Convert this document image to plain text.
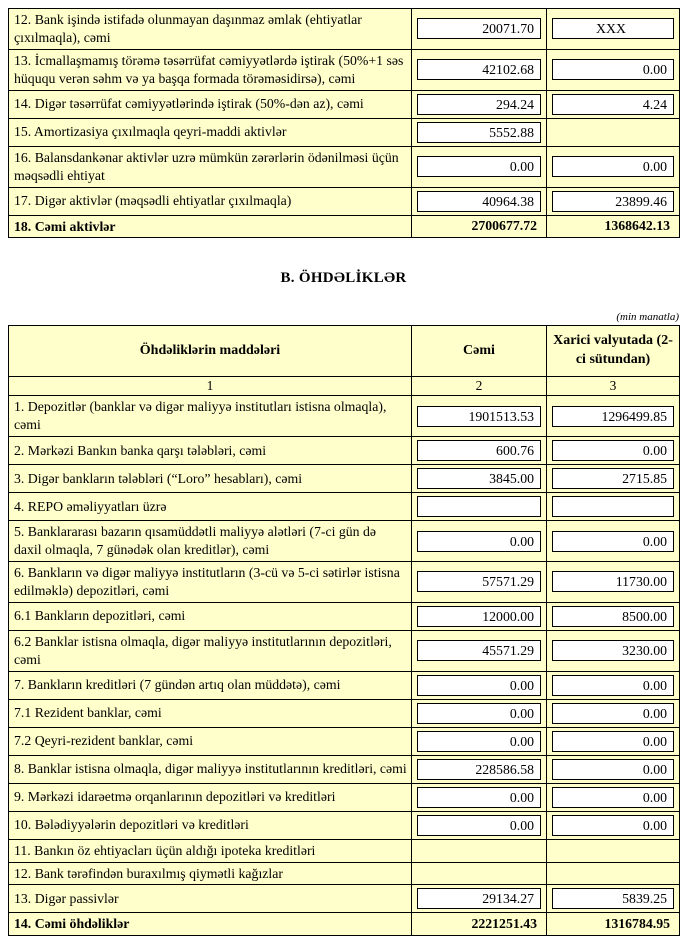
12. Bank işində istifadə olunmayan daşınmaz əmlak (ehtiyatlar çıxılmaqla), cəmi	20071.70	XXX

13. İcmallaşmamış törəmə təsərrüfat cəmiyyətlərdə iştirak (50%+1 səs hüququ verən səhm və ya başqa formada törəməsidirsə), cəmi	42102.68	0.00

14. Digər təsərrüfat cəmiyyətlərində iştirak (50%-dən az), cəmi	294.24	4.24

15. Amortizasiya çıxılmaqla qeyri-maddi aktivlər	5552.88	

16. Balansdankənar aktivlər uzrə mümkün zərərlərin ödənilməsi üçün məqsədli ehtiyat	0.00	0.00

17. Digər aktivlər (məqsədli ehtiyatlar çıxılmaqla)	40964.38	23899.46

18. Cəmi aktivlər	2700677.72	1368642.13
B. ÖHDƏLİKLƏR
(min manatla)
Öhdəliklərin maddələri	Cəmi	Xarici valyutada (2-ci sütundan)
1	2	3
1. Depozitlər (banklar və digər maliyyə institutları istisna olmaqla), cəmi	1901513.53	1296499.85

2. Mərkəzi Bankın banka qarşı tələbləri, cəmi	600.76	0.00

3. Digər bankların tələbləri (“Loro” hesabları), cəmi	3845.00	2715.85

4. REPO əməliyyatları üzrə	

5. Banklararası bazarın qısamüddətli maliyyə alətləri (7-ci gün də daxil olmaqla, 7 günədək olan kreditlər), cəmi	0.00	0.00

6. Bankların və digər maliyyə institutların (3-cü və 5-ci sətirlər istisna edilməklə) depozitləri, cəmi	57571.29	11730.00

6.1 Bankların depozitləri, cəmi	12000.00	8500.00

6.2 Banklar istisna olmaqla, digər maliyyə institutlarının depozitləri, cəmi	45571.29	3230.00

7. Bankların kreditləri (7 gündən artıq olan müddətə), cəmi	0.00	0.00

7.1 Rezident banklar, cəmi	0.00	0.00

7.2 Qeyri-rezident banklar, cəmi	0.00	0.00

8. Banklar istisna olmaqla, digər maliyyə institutlarının kreditləri, cəmi	228586.58	0.00

9. Mərkəzi idarəetmə orqanlarının depozitləri və kreditləri	0.00	0.00

10. Bələdiyyələrin depozitləri və kreditləri	0.00	0.00

11. Bankın öz ehtiyacları üçün aldığı ipoteka kreditləri		
12. Bank tərəfindən buraxılmış qiymətli kağızlar		
13. Digər passivlər	29134.27	5839.25

14. Cəmi öhdəliklər	2221251.43	1316784.95
